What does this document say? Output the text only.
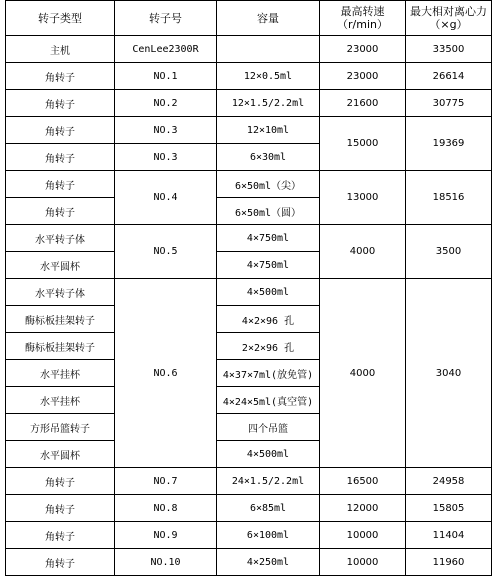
转子类型	转子号	容量	最高转速（r/min）	最大相对离心力（×g）
主机	CenLee2300R		23000	33500
角转子	NO.1	12×0.5ml	23000	26614
角转子	NO.2	12×1.5/2.2ml	21600	30775
角转子	NO.3	12×10ml	15000	19369
角转子	NO.3	6×30ml		
角转子	NO.4	6×50ml（尖）	13000	18516
角转子		6×50ml（圆）		
水平转子体	NO.5	4×750ml	4000	3500
水平圆杯		4×750ml		
水平转子体	NO.6	4×500ml	4000	3040
酶标板挂架转子		4×2×96 孔		
酶标板挂架转子		2×2×96 孔		
水平挂杯		4×37×7ml(放免管)		
水平挂杯		4×24×5ml(真空管)		
方形吊篮转子		四个吊篮		
水平圆杯		4×500ml		
角转子	NO.7	24×1.5/2.2ml	16500	24958
角转子	NO.8	6×85ml	12000	15805
角转子	NO.9	6×100ml	10000	11404
角转子	NO.10	4×250ml	10000	11960
